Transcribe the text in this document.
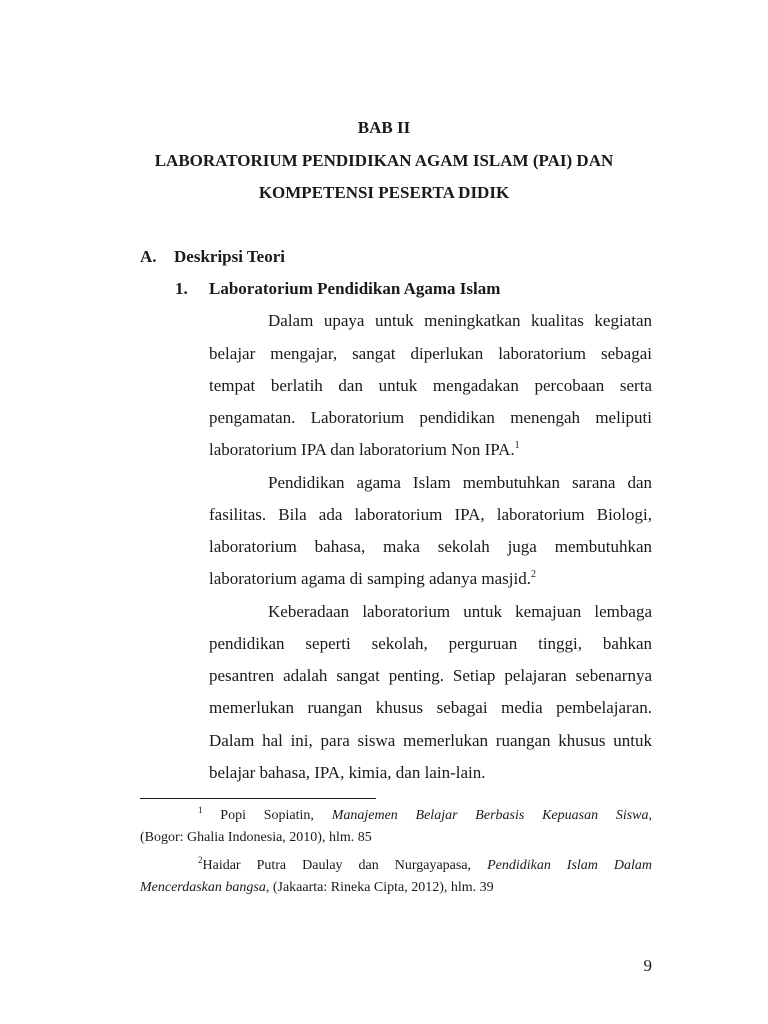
BAB II
LABORATORIUM PENDIDIKAN AGAM ISLAM (PAI) DAN
KOMPETENSI PESERTA DIDIK
A. Deskripsi Teori
1. Laboratorium Pendidikan Agama Islam
Dalam upaya untuk meningkatkan kualitas kegiatan
belajar mengajar, sangat diperlukan laboratorium sebagai
tempat berlatih dan untuk mengadakan percobaan serta
pengamatan. Laboratorium pendidikan menengah meliputi
laboratorium IPA dan laboratorium Non IPA.$^1$
Pendidikan agama Islam membutuhkan sarana dan
fasilitas. Bila ada laboratorium IPA, laboratorium Biologi,
laboratorium bahasa, maka sekolah juga membutuhkan
laboratorium agama di samping adanya masjid.$^2$
Keberadaan laboratorium untuk kemajuan lembaga
pendidikan seperti sekolah, perguruan tinggi, bahkan
pesantren adalah sangat penting. Setiap pelajaran sebenarnya
memerlukan ruangan khusus sebagai media pembelajaran.
Dalam hal ini, para siswa memerlukan ruangan khusus untuk
belajar bahasa, IPA, kimia, dan lain-lain.
$^1$ Popi Sopiatin, Manajemen Belajar Berbasis Kepuasan Siswa,
(Bogor: Ghalia Indonesia, 2010), hlm. 85
$^2$Haidar Putra Daulay dan Nurgayapasa, Pendidikan Islam Dalam
Mencerdaskan bangsa, (Jakaarta: Rineka Cipta, 2012), hlm. 39
9
